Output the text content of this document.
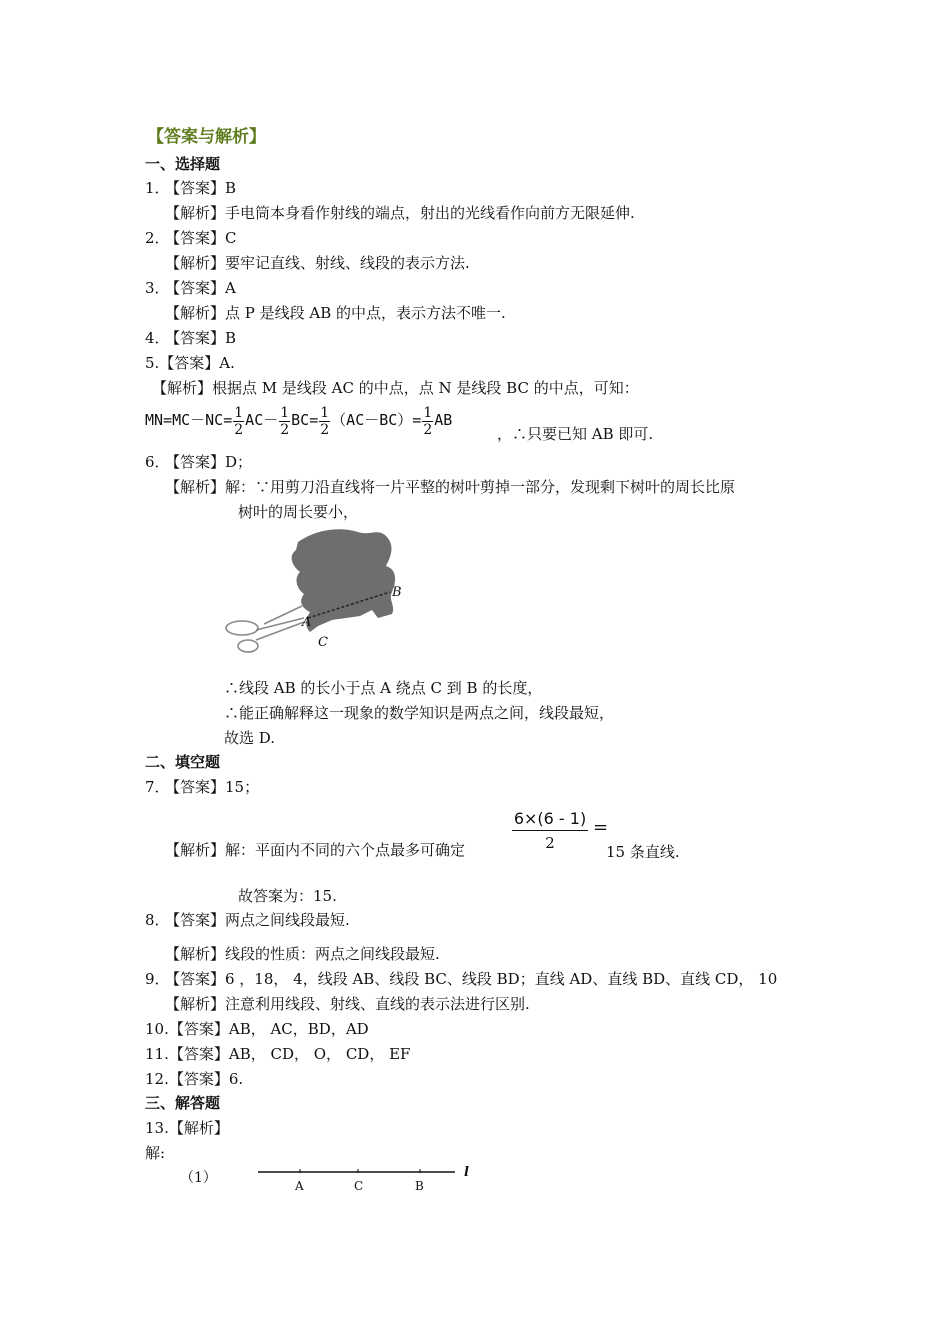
【答案与解析】
一、选择题
1．
【答案】B
【解析】手电筒本身看作射线的端点，射出的光线看作向前方无限延伸.
2．
【答案】C
【解析】要牢记直线、射线、线段的表示方法.
3．
【答案】A
【解析】点 P 是线段 AB 的中点，表示方法不唯一.
4．
【答案】B
5.【答案】A.
【解析】根据点 M 是线段 AC 的中点，点 N 是线段 BC 的中点，可知：
$MN=MC-NC= \frac{1}{2} AC- \frac{1}{2} BC= \frac{1}{2} (AC-BC)= \frac{1}{2}$ AB
，∴只要已知 AB 即可.
6．
【答案】D；
【解析】解：∵用剪刀沿直线将一片平整的树叶剪掉一部分，发现剩下树叶的周长比原
树叶的周长要小，
A
B
C
∴线段 AB 的长小于点 A 绕点 C 到 B 的长度，
∴能正确解释这一现象的数学知识是两点之间，线段最短，
故选 D.
二、填空题
7．
【答案】15；
【解析】解：平面内不同的六个点最多可确定	$\frac{6\times(6 - 1)}{2}$ =
15 条直线.
故答案为：15.
8．
【答案】两点之间线段最短.
【解析】线段的性质：两点之间线段最短.
9．
【答案】6 ，18， 4，线段 AB、线段 BC、线段 BD；直线 AD、直线 BD、直线 CD， 10
【解析】注意利用线段、射线、直线的表示法进行区别.
10.【答案】AB， AC，BD，AD
11.【答案】AB， CD， O， CD， EF
12.【答案】6.
三、解答题
13.【解析】
解:
（1）	A	C	B
l
